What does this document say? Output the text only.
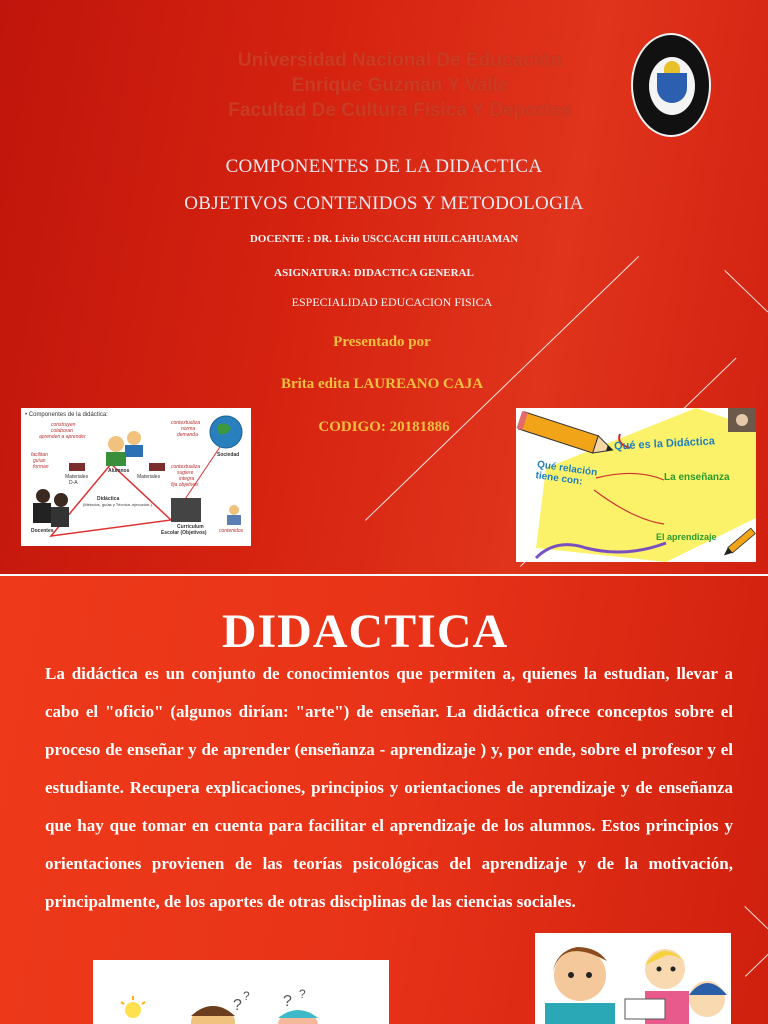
Universidad Nacional De Educación
Enrique Guzmán Y Valle
Facultad De Cultura Física Y Deportes
COMPONENTES DE LA DIDACTICA
OBJETIVOS CONTENIDOS Y METODOLOGIA
DOCENTE : DR. Livio USCCACHI HUILCAHUAMAN
ASIGNATURA: DIDACTICA GENERAL
ESPECIALIDAD EDUCACION FISICA
Presentado por
Brita edita LAUREANO CAJA
CODIGO: 20181886
• Componentes de la didáctica:
construyen
colaboran
aprenden a aprender
Alumnos
facilitan
guían
forman
Materiales
D-A
Materiales
Docentes
Didáctica
(Métodos, guías y Técnica -ejecución-)
Sociedad
contextualiza
norma
demanda
contextualiza
sugiere
integra
fija objetivos
Currículum
Escolar (Objetivos) contenidos
Qué es la Didáctica
Qué relación tiene con:	La enseñanza
El aprendizaje
DIDACTICA
La didáctica es un conjunto de conocimientos que permiten a, quienes la estudian, llevar a cabo el "oficio" (algunos dirían: "arte") de enseñar. La didáctica ofrece conceptos sobre el proceso de enseñar y de aprender (enseñanza - aprendizaje ) y, por ende, sobre el profesor y el estudiante. Recupera explicaciones, principios y orientaciones de aprendizaje y de enseñanza que hay que tomar en cuenta para facilitar el aprendizaje de los alumnos. Estos principios y orientaciones provienen de las teorías psicológicas del aprendizaje y de la motivación, principalmente, de los aportes de otras disciplinas de las ciencias sociales.
?
? ? ?
